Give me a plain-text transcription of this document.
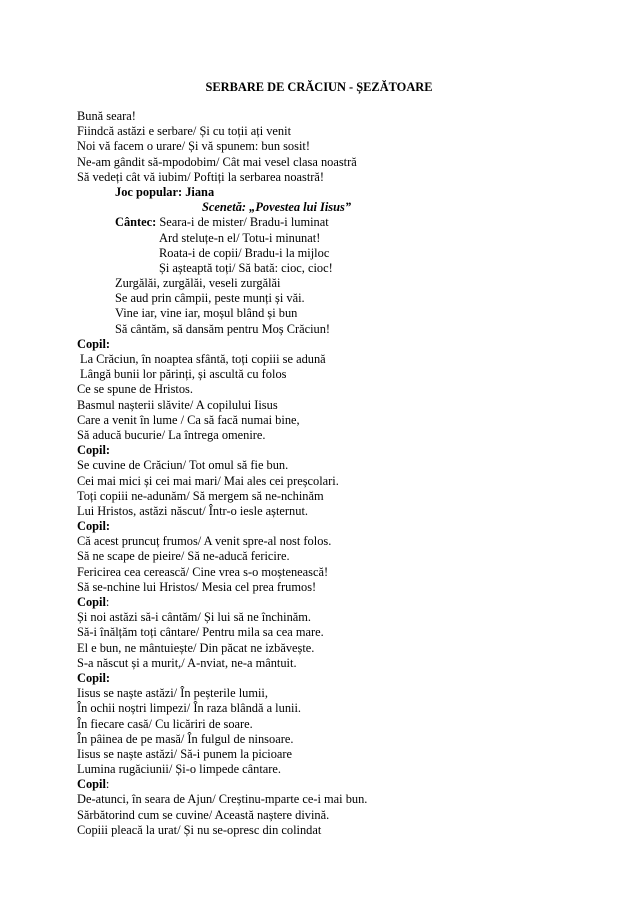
SERBARE DE CRĂCIUN - ȘEZĂTOARE
Bună seara!
Fiindcă astăzi e serbare/ Și cu toții ați venit
Noi vă facem o urare/ Și vă spunem: bun sosit!
Ne-am gândit să-mpodobim/ Cât mai vesel clasa noastră
Să vedeți cât vă iubim/ Poftiți la serbarea noastră!
Joc popular: Jiana
Scenetă: „Povestea lui Iisus”
Cântec: Seara-i de mister/ Bradu-i luminat
Ard steluțe-n el/ Totu-i minunat!
Roata-i de copii/ Bradu-i la mijloc
Și așteaptă toți/ Să bată: cioc, cioc!
Zurgălăi, zurgălăi, veseli zurgălăi
Se aud prin câmpii, peste munți și văi.
Vine iar, vine iar, moșul blând și bun
Să cântăm, să dansăm pentru Moș Crăciun!
Copil:
La Crăciun, în noaptea sfântă, toți copiii se adună
Lângă bunii lor părinți, și ascultă cu folos
Ce se spune de Hristos.
Basmul nașterii slăvite/ A copilului Iisus
Care a venit în lume / Ca să facă numai bine,
Să aducă bucurie/ La întrega omenire.
Copil:
Se cuvine de Crăciun/ Tot omul să fie bun.
Cei mai mici și cei mai mari/ Mai ales cei preșcolari.
Toți copiii ne-adunăm/ Să mergem să ne-nchinăm
Lui Hristos, astăzi născut/ Într-o iesle așternut.
Copil:
Că acest pruncuț frumos/ A venit spre-al nost folos.
Să ne scape de pieire/ Să ne-aducă fericire.
Fericirea cea cerească/ Cine vrea s-o moștenească!
Să se-nchine lui Hristos/ Mesia cel prea frumos!
Copil:
Și noi astăzi să-i cântăm/ Și lui să ne închinăm.
Să-i înălțăm toți cântare/ Pentru mila sa cea mare.
El e bun, ne mântuiește/ Din păcat ne izbăvește.
S-a născut și a murit,/ A-nviat, ne-a mântuit.
Copil:
Iisus se naște astăzi/ În peșterile lumii,
În ochii noștri limpezi/ În raza blândă a lunii.
În fiecare casă/ Cu licăriri de soare.
În pâinea de pe masă/ În fulgul de ninsoare.
Iisus se naște astăzi/ Să-i punem la picioare
Lumina rugăciunii/ Și-o limpede cântare.
Copil:
De-atunci, în seara de Ajun/ Creștinu-mparte ce-i mai bun.
Sărbătorind cum se cuvine/ Această naștere divină.
Copiii pleacă la urat/ Și nu se-opresc din colindat
